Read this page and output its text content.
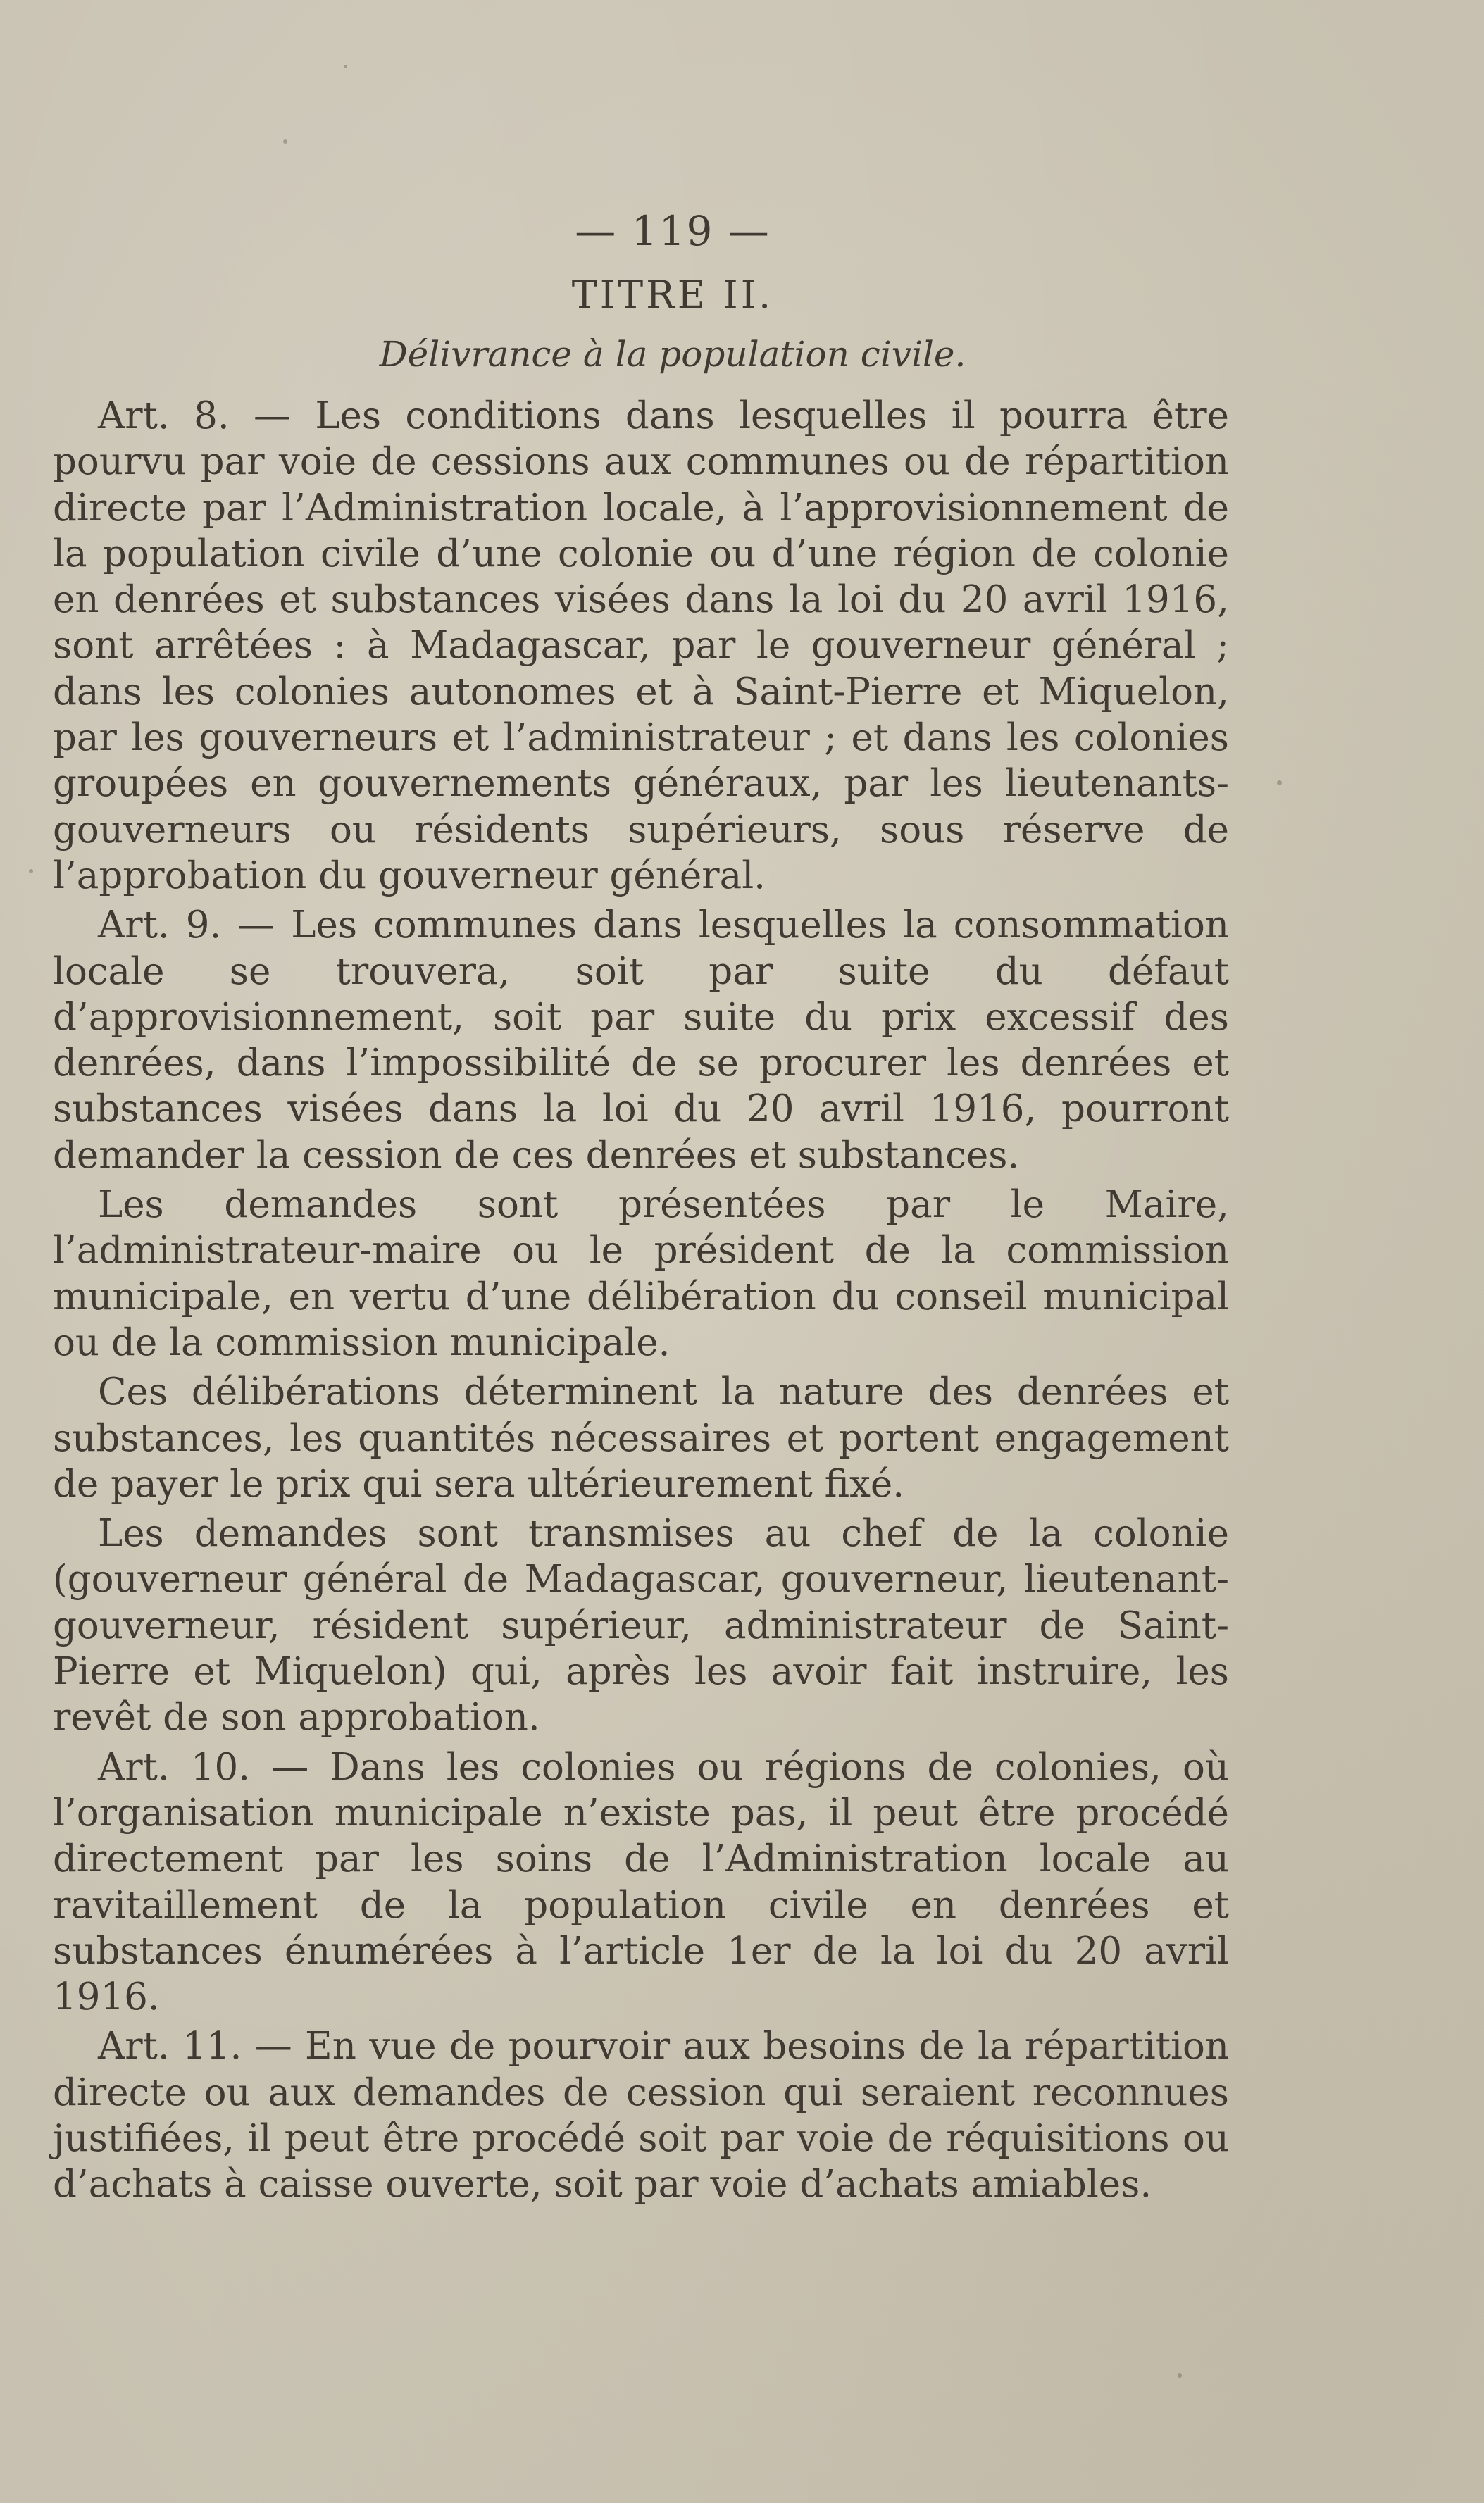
— 119 —
TITRE II.
Délivrance à la population civile.

Art. 8. — Les conditions dans lesquelles il pourra être pourvu par voie de cessions aux communes ou de répartition directe par l’Administration locale, à l’approvisionnement de la population civile d’une colonie ou d’une région de colonie en denrées et substances visées dans la loi du 20 avril 1916, sont arrêtées : à Madagascar, par le gouverneur général ; dans les colonies autonomes et à Saint-Pierre et Miquelon, par les gouverneurs et l’administrateur ; et dans les colonies groupées en gouvernements généraux, par les lieutenants-gouverneurs ou résidents supérieurs, sous réserve de l’approbation du gouverneur général.

Art. 9. — Les communes dans lesquelles la consommation locale se trouvera, soit par suite du défaut d’approvisionnement, soit par suite du prix excessif des denrées, dans l’impossibilité de se procurer les denrées et substances visées dans la loi du 20 avril 1916, pourront demander la cession de ces denrées et substances.

Les demandes sont présentées par le Maire, l’administrateur-maire ou le président de la commission municipale, en vertu d’une délibération du conseil municipal ou de la commission municipale.

Ces délibérations déterminent la nature des denrées et substances, les quantités nécessaires et portent engagement de payer le prix qui sera ultérieurement fixé.

Les demandes sont transmises au chef de la colonie (gouverneur général de Madagascar, gouverneur, lieutenant-gouverneur, résident supérieur, administrateur de Saint-Pierre et Miquelon) qui, après les avoir fait instruire, les revêt de son approbation.

Art. 10. — Dans les colonies ou régions de colonies, où l’organisation municipale n’existe pas, il peut être procédé directement par les soins de l’Administration locale au ravitaillement de la population civile en denrées et substances énumérées à l’article 1er de la loi du 20 avril 1916.

Art. 11. — En vue de pourvoir aux besoins de la répartition directe ou aux demandes de cession qui seraient reconnues justifiées, il peut être procédé soit par voie de réquisitions ou d’achats à caisse ouverte, soit par voie d’achats amiables.
